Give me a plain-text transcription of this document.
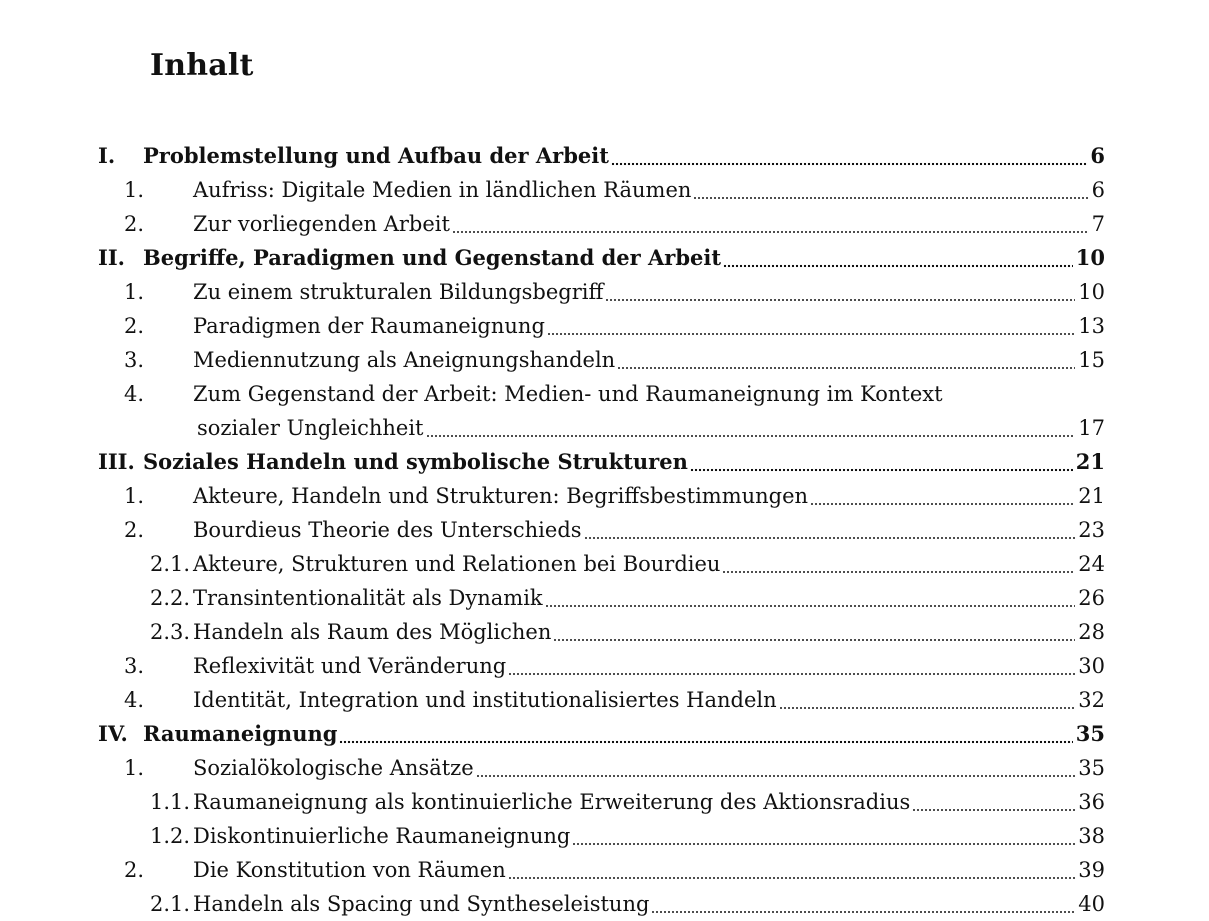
Inhalt
I. Problemstellung und Aufbau der Arbeit	6
1. Aufriss: Digitale Medien in ländlichen Räumen	6
2. Zur vorliegenden Arbeit	7
II. Begriffe, Paradigmen und Gegenstand der Arbeit	10
1. Zu einem strukturalen Bildungsbegriff	10
2. Paradigmen der Raumaneignung	13
3. Mediennutzung als Aneignungshandeln	15
4. Zum Gegenstand der Arbeit: Medien- und Raumaneignung im Kontext
sozialer Ungleichheit	17
III. Soziales Handeln und symbolische Strukturen	21
1. Akteure, Handeln und Strukturen: Begriffsbestimmungen	21
2. Bourdieus Theorie des Unterschieds	23
2.1. Akteure, Strukturen und Relationen bei Bourdieu	24
2.2. Transintentionalität als Dynamik	26
2.3. Handeln als Raum des Möglichen	28
3. Reflexivität und Veränderung	30
4. Identität, Integration und institutionalisiertes Handeln	32
IV. Raumaneignung	35
1. Sozialökologische Ansätze	35
1.1. Raumaneignung als kontinuierliche Erweiterung des Aktionsradius	36
1.2. Diskontinuierliche Raumaneignung	38
2. Die Konstitution von Räumen	39
2.1. Handeln als Spacing und Syntheseleistung	40
